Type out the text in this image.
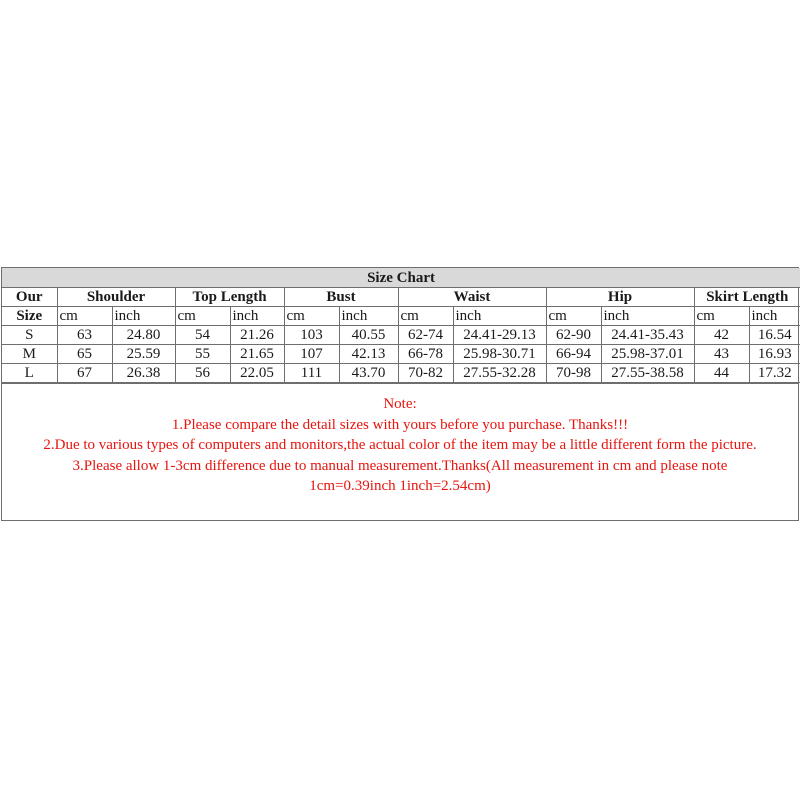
Size Chart												
Our	Shoulder		Top Length		Bust		Waist		Hip		Skirt Length	
Size	cm	inch	cm	inch	cm	inch	cm	inch	cm	inch	cm	inch
S	63	24.80	54	21.26	103	40.55	62-74	24.41-29.13	62-90	24.41-35.43	42	16.54
M	65	25.59	55	21.65	107	42.13	66-78	25.98-30.71	66-94	25.98-37.01	43	16.93
L	67	26.38	56	22.05	111	43.70	70-82	27.55-32.28	70-98	27.55-38.58	44	17.32
Note:
1.Please compare the detail sizes with yours before you purchase. Thanks!!!
2.Due to various types of computers and monitors,the actual color of the item may be a little different form the picture.
3.Please allow 1-3cm difference due to manual measurement.Thanks(All measurement in cm and please note
1cm=0.39inch 1inch=2.54cm)
